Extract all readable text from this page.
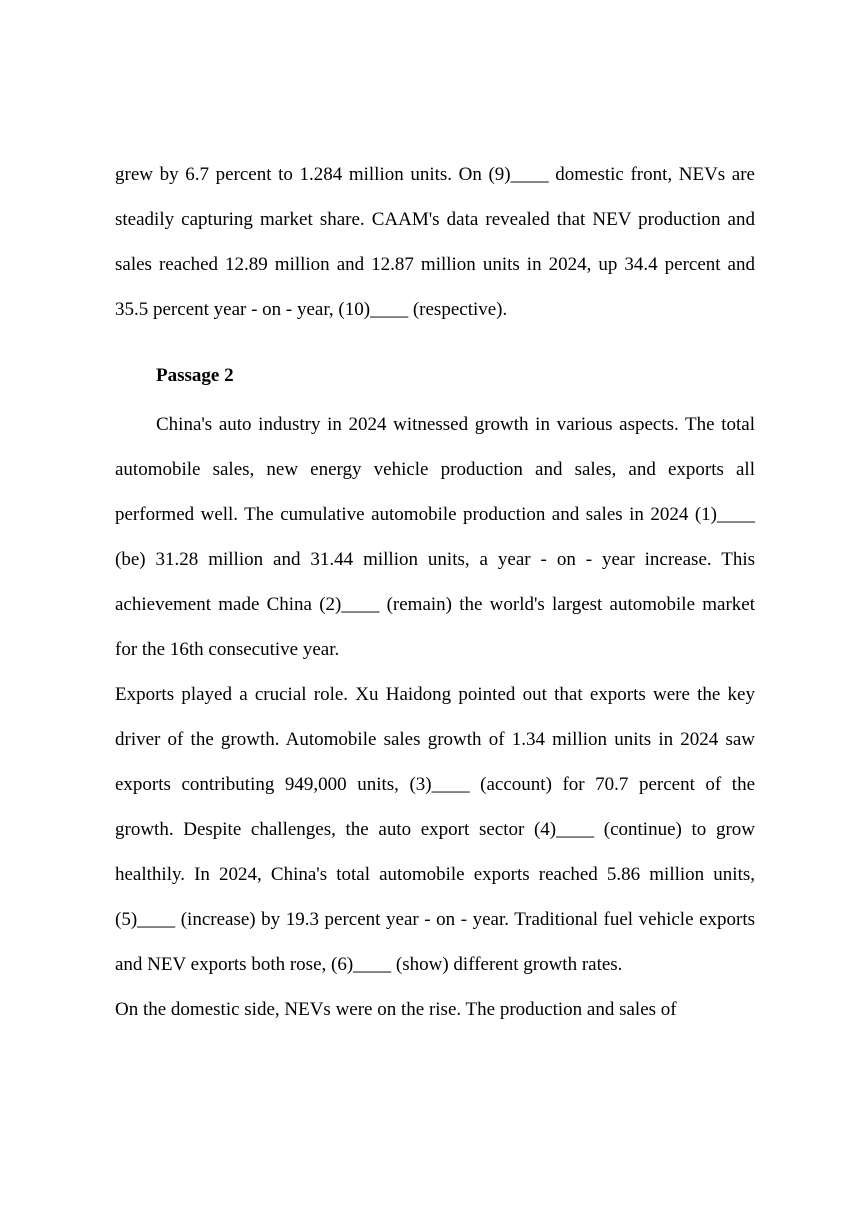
grew by 6.7 percent to 1.284 million units. On (9)____ domestic front, NEVs are steadily capturing market share. CAAM's data revealed that NEV production and sales reached 12.89 million and 12.87 million units in 2024, up 34.4 percent and 35.5 percent year - on - year, (10)____ (respective).

Passage 2

China's auto industry in 2024 witnessed growth in various aspects. The total automobile sales, new energy vehicle production and sales, and exports all performed well. The cumulative automobile production and sales in 2024 (1)____ (be) 31.28 million and 31.44 million units, a year - on - year increase. This achievement made China (2)____ (remain) the world's largest automobile market for the 16th consecutive year.

Exports played a crucial role. Xu Haidong pointed out that exports were the key driver of the growth. Automobile sales growth of 1.34 million units in 2024 saw exports contributing 949,000 units, (3)____ (account) for 70.7 percent of the growth. Despite challenges, the auto export sector (4)____ (continue) to grow healthily. In 2024, China's total automobile exports reached 5.86 million units, (5)____ (increase) by 19.3 percent year - on - year. Traditional fuel vehicle exports and NEV exports both rose, (6)____ (show) different growth rates.

On the domestic side, NEVs were on the rise. The production and sales of
